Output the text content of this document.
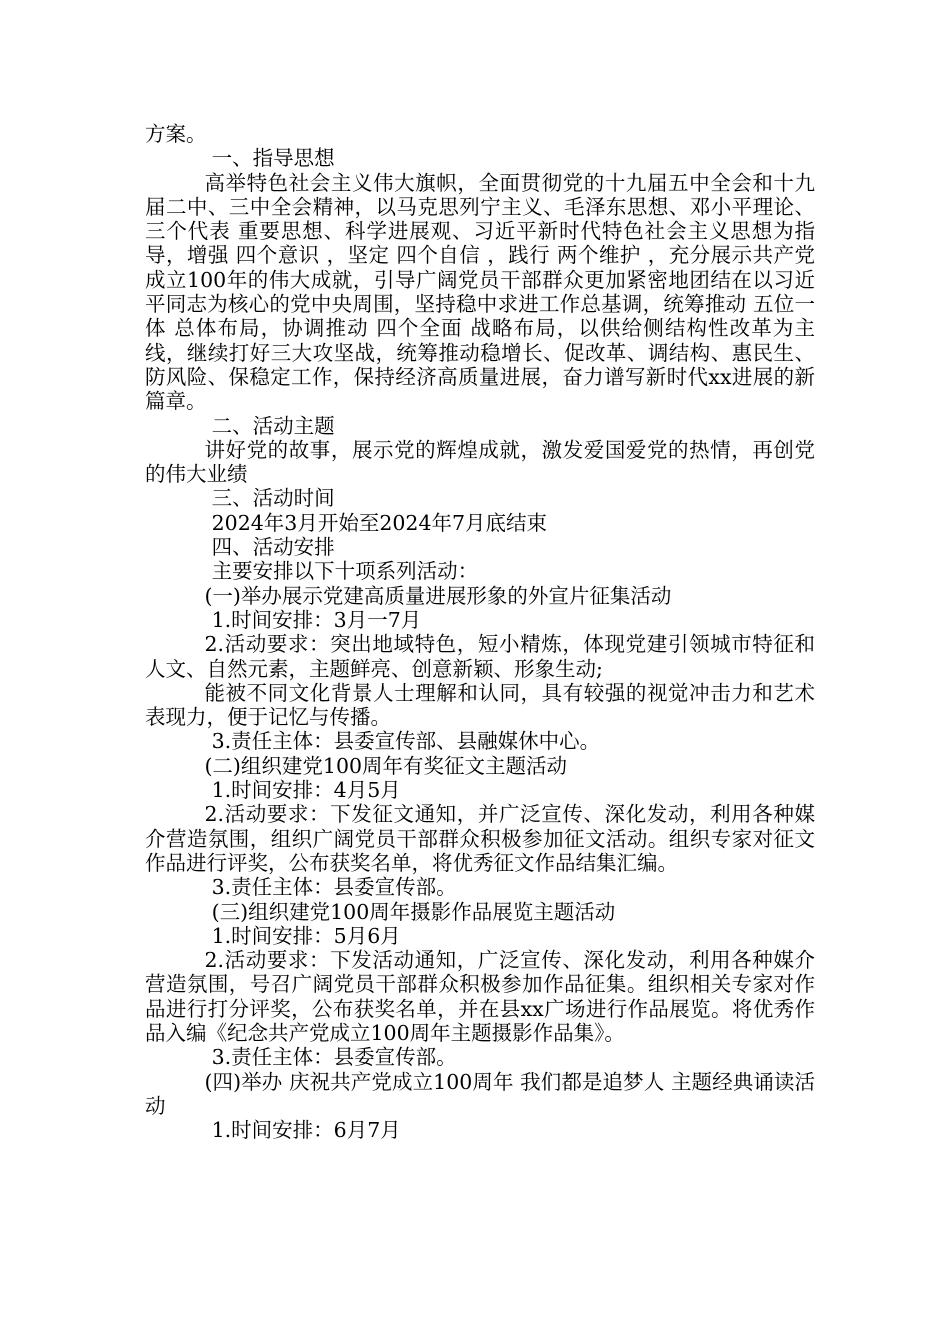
方案。

一、指导思想

高举特色社会主义伟大旗帜，全面贯彻党的十九届五中全会和十九届二中、三中全会精神，以马克思列宁主义、毛泽东思想、邓小平理论、 三个代表 重要思想、科学进展观、习近平新时代特色社会主义思想为指导，增强 四个意识 ，坚定 四个自信 ，践行 两个维护 ，充分展示共产党成立100年的伟大成就，引导广阔党员干部群众更加紧密地团结在以习近平同志为核心的党中央周围，坚持稳中求进工作总基调，统筹推动 五位一体 总体布局，协调推动 四个全面 战略布局，以供给侧结构性改革为主线，继续打好三大攻坚战，统筹推动稳增长、促改革、调结构、惠民生、防风险、保稳定工作，保持经济高质量进展，奋力谱写新时代xx进展的新篇章。

二、活动主题

讲好党的故事，展示党的辉煌成就，激发爱国爱党的热情，再创党的伟大业绩

三、活动时间

2024年3月开始至2024年7月底结束

四、活动安排

主要安排以下十项系列活动：

(一)举办展示党建高质量进展形象的外宣片征集活动

1.时间安排：3月一7月

2.活动要求：突出地域特色，短小精炼，体现党建引领城市特征和人文、自然元素，主题鲜亮、创意新颖、形象生动;

能被不同文化背景人士理解和认同，具有较强的视觉冲击力和艺术表现力，便于记忆与传播。

3.责任主体：县委宣传部、县融媒休中心。

(二)组织建党100周年有奖征文主题活动

1.时间安排：4月5月

2.活动要求：下发征文通知，并广泛宣传、深化发动，利用各种媒介营造氛围，组织广阔党员干部群众积极参加征文活动。组织专家对征文作品进行评奖，公布获奖名单，将优秀征文作品结集汇编。

3.责任主体：县委宣传部。

(三)组织建党100周年摄影作品展览主题活动

1.时间安排：5月6月

2.活动要求：下发活动通知，广泛宣传、深化发动，利用各种媒介营造氛围，号召广阔党员干部群众积极参加作品征集。组织相关专家对作品进行打分评奖，公布获奖名单，并在县xx广场进行作品展览。将优秀作品入编《纪念共产党成立100周年主题摄影作品集》。

3.责任主体：县委宣传部。

(四)举办 庆祝共产党成立100周年 我们都是追梦人 主题经典诵读活动

1.时间安排：6月7月
